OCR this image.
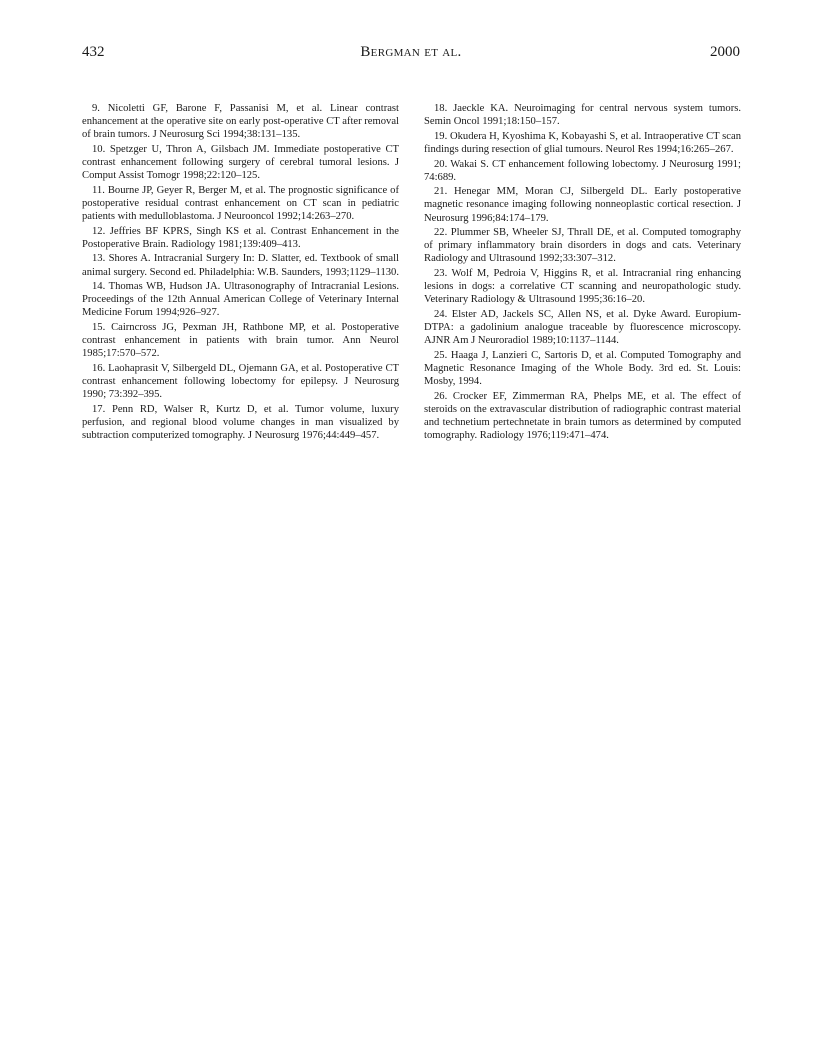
432	Bergman et al.	2000

9. Nicoletti GF, Barone F, Passanisi M, et al. Linear contrast enhancement at the operative site on early post-operative CT after removal of brain tumors. J Neurosurg Sci 1994;38:131–135.

10. Spetzger U, Thron A, Gilsbach JM. Immediate postoperative CT contrast enhancement following surgery of cerebral tumoral lesions. J Comput Assist Tomogr 1998;22:120–125.

11. Bourne JP, Geyer R, Berger M, et al. The prognostic significance of postoperative residual contrast enhancement on CT scan in pediatric patients with medulloblastoma. J Neurooncol 1992;14:263–270.

12. Jeffries BF KPRS, Singh KS et al. Contrast Enhancement in the Postoperative Brain. Radiology 1981;139:409–413.

13. Shores A. Intracranial Surgery In: D. Slatter, ed. Textbook of small animal surgery. Second ed. Philadelphia: W.B. Saunders, 1993;1129–1130.

14. Thomas WB, Hudson JA. Ultrasonography of Intracranial Lesions. Proceedings of the 12th Annual American College of Veterinary Internal Medicine Forum 1994;926–927.

15. Cairncross JG, Pexman JH, Rathbone MP, et al. Postoperative contrast enhancement in patients with brain tumor. Ann Neurol 1985;17:570–572.

16. Laohaprasit V, Silbergeld DL, Ojemann GA, et al. Postoperative CT contrast enhancement following lobectomy for epilepsy. J Neurosurg 1990; 73:392–395.

17. Penn RD, Walser R, Kurtz D, et al. Tumor volume, luxury perfusion, and regional blood volume changes in man visualized by subtraction computerized tomography. J Neurosurg 1976;44:449–457.

18. Jaeckle KA. Neuroimaging for central nervous system tumors. Semin Oncol 1991;18:150–157.

19. Okudera H, Kyoshima K, Kobayashi S, et al. Intraoperative CT scan findings during resection of glial tumours. Neurol Res 1994;16:265–267.

20. Wakai S. CT enhancement following lobectomy. J Neurosurg 1991; 74:689.

21. Henegar MM, Moran CJ, Silbergeld DL. Early postoperative magnetic resonance imaging following nonneoplastic cortical resection. J Neurosurg 1996;84:174–179.

22. Plummer SB, Wheeler SJ, Thrall DE, et al. Computed tomography of primary inflammatory brain disorders in dogs and cats. Veterinary Radiology and Ultrasound 1992;33:307–312.

23. Wolf M, Pedroia V, Higgins R, et al. Intracranial ring enhancing lesions in dogs: a correlative CT scanning and neuropathologic study. Veterinary Radiology & Ultrasound 1995;36:16–20.

24. Elster AD, Jackels SC, Allen NS, et al. Dyke Award. Europium-DTPA: a gadolinium analogue traceable by fluorescence microscopy. AJNR Am J Neuroradiol 1989;10:1137–1144.

25. Haaga J, Lanzieri C, Sartoris D, et al. Computed Tomography and Magnetic Resonance Imaging of the Whole Body. 3rd ed. St. Louis: Mosby, 1994.

26. Crocker EF, Zimmerman RA, Phelps ME, et al. The effect of steroids on the extravascular distribution of radiographic contrast material and technetium pertechnetate in brain tumors as determined by computed tomography. Radiology 1976;119:471–474.
